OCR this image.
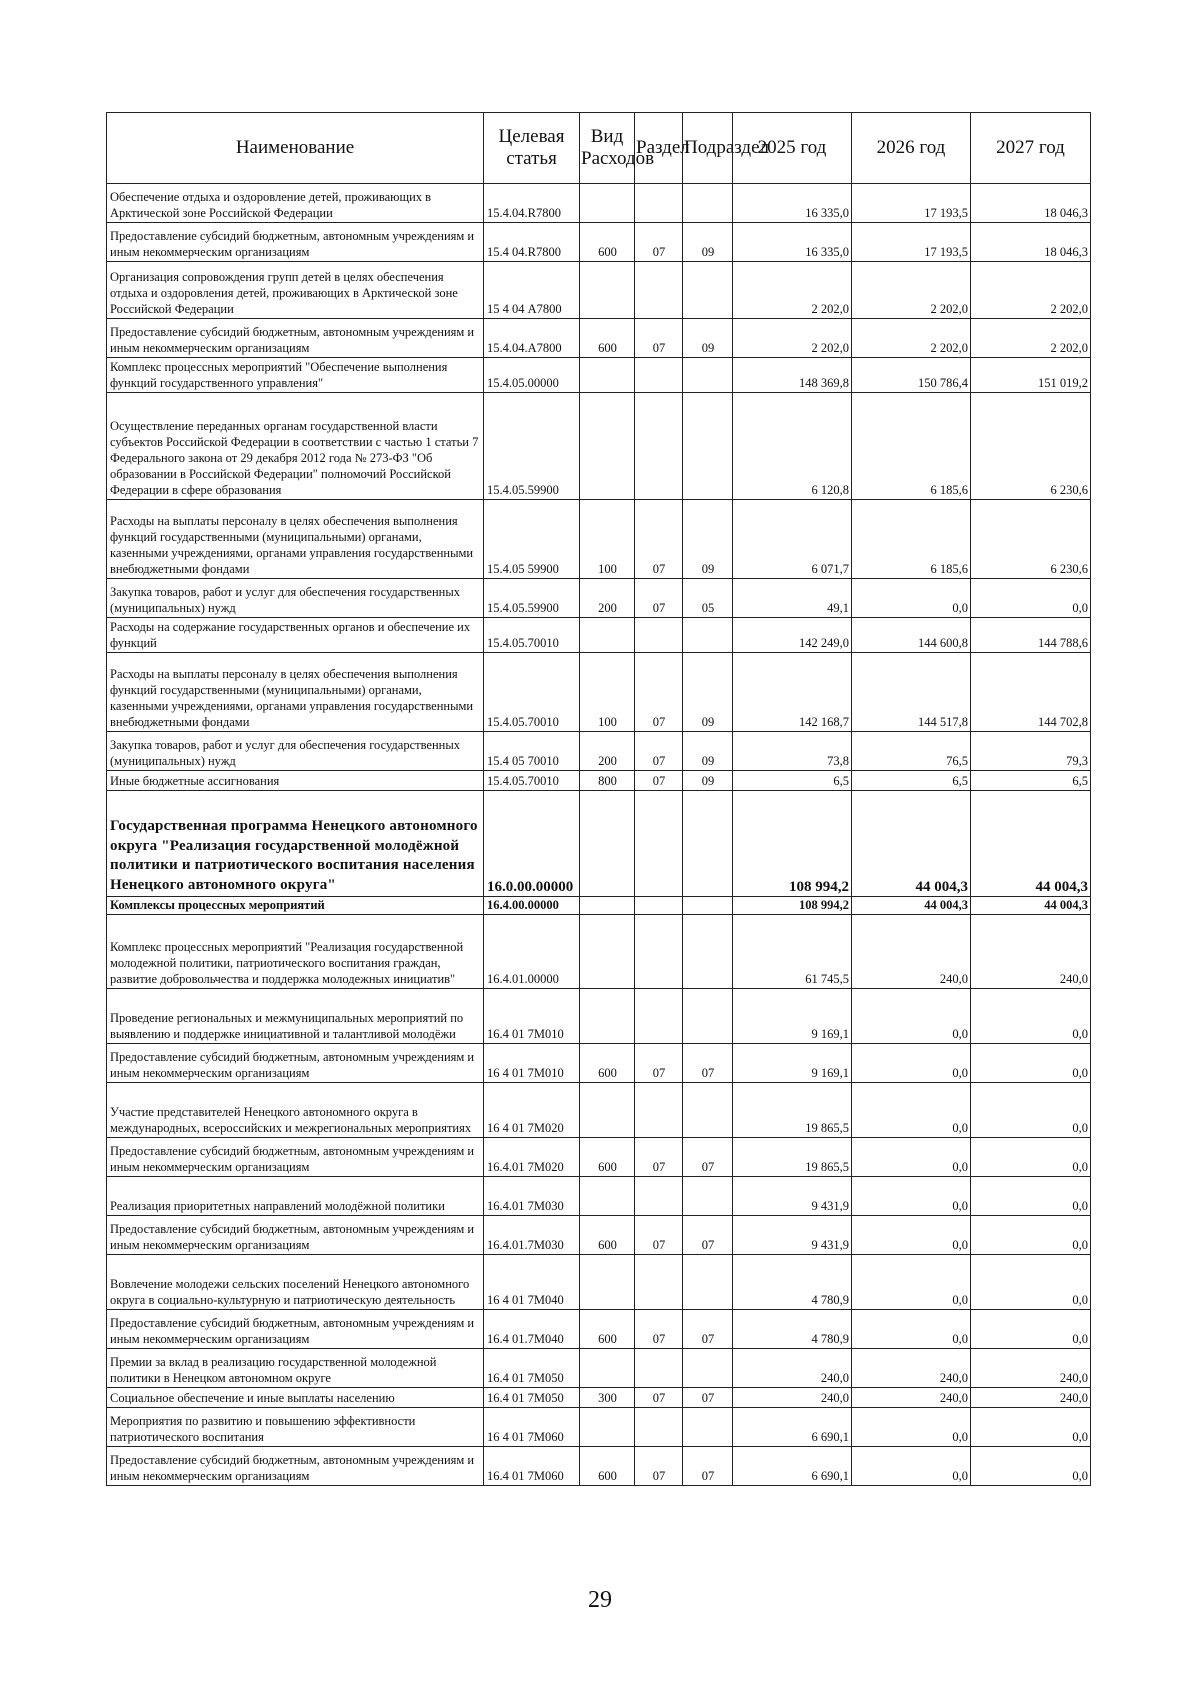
Наименование	Целевая статья	Вид Расходов	Раздел	Подраздел	2025 год	2026 год	2027 год
Обеспечение отдыха и оздоровление детей, проживающих в Арктической зоне Российской Федерации	15.4.04.R7800				16 335,0	17 193,5	18 046,3
Предоставление субсидий бюджетным, автономным учреждениям и иным некоммерческим организациям	15.4 04.R7800	600	07	09	16 335,0	17 193,5	18 046,3
Организация сопровождения групп детей в целях обеспечения отдыха и оздоровления детей, проживающих в Арктической зоне Российской Федерации	15 4 04 А7800				2 202,0	2 202,0	2 202,0
Предоставление субсидий бюджетным, автономным учреждениям и иным некоммерческим организациям	15.4.04.А7800	600	07	09	2 202,0	2 202,0	2 202,0
Комплекс процессных мероприятий "Обеспечение выполнения функций государственного управления"	15.4.05.00000				148 369,8	150 786,4	151 019,2
Осуществление переданных органам государственной власти субъектов Российской Федерации в соответствии с частью 1 статьи 7 Федерального закона от 29 декабря 2012 года № 273-ФЗ "Об образовании в Российской Федерации" полномочий Российской Федерации в сфере образования	15.4.05.59900				6 120,8	6 185,6	6 230,6
Расходы на выплаты персоналу в целях обеспечения выполнения функций государственными (муниципальными) органами, казенными учреждениями, органами управления государственными внебюджетными фондами	15.4.05 59900	100	07	09	6 071,7	6 185,6	6 230,6
Закупка товаров, работ и услуг для обеспечения государственных (муниципальных) нужд	15.4.05.59900	200	07	05	49,1	0,0	0,0
Расходы на содержание государственных органов и обеспечение их функций	15.4.05.70010				142 249,0	144 600,8	144 788,6
Расходы на выплаты персоналу в целях обеспечения выполнения функций государственными (муниципальными) органами, казенными учреждениями, органами управления государственными внебюджетными фондами	15.4.05.70010	100	07	09	142 168,7	144 517,8	144 702,8
Закупка товаров, работ и услуг для обеспечения государственных (муниципальных) нужд	15.4 05 70010	200	07	09	73,8	76,5	79,3
Иные бюджетные ассигнования	15.4.05.70010	800	07	09	6,5	6,5	6,5
Государственная программа Ненецкого автономного округа "Реализация государственной молодёжной политики и патриотического воспитания населения Ненецкого автономного округа"	16.0.00.00000				108 994,2	44 004,3	44 004,3
Комплексы процессных мероприятий	16.4.00.00000				108 994,2	44 004,3	44 004,3
Комплекс процессных мероприятий "Реализация государственной молодежной политики, патриотического воспитания граждан, развитие добровольчества и поддержка молодежных инициатив"	16.4.01.00000				61 745,5	240,0	240,0
Проведение региональных и межмуниципальных мероприятий по выявлению и поддержке инициативной и талантливой молодёжи	16.4 01 7М010				9 169,1	0,0	0,0
Предоставление субсидий бюджетным, автономным учреждениям и иным некоммерческим организациям	16 4 01 7М010	600	07	07	9 169,1	0,0	0,0
Участие представителей Ненецкого автономного округа в международных, всероссийских и межрегиональных мероприятиях	16 4 01 7М020				19 865,5	0,0	0,0
Предоставление субсидий бюджетным, автономным учреждениям и иным некоммерческим организациям	16.4.01 7М020	600	07	07	19 865,5	0,0	0,0
Реализация приоритетных направлений молодёжной политики	16.4.01 7М030				9 431,9	0,0	0,0
Предоставление субсидий бюджетным, автономным учреждениям и иным некоммерческим организациям	16.4.01.7М030	600	07	07	9 431,9	0,0	0,0
Вовлечение молодежи сельских поселений Ненецкого автономного округа в социально-культурную и патриотическую деятельность	16 4 01 7М040				4 780,9	0,0	0,0
Предоставление субсидий бюджетным, автономным учреждениям и иным некоммерческим организациям	16.4 01.7М040	600	07	07	4 780,9	0,0	0,0
Премии за вклад в реализацию государственной молодежной политики в Ненецком автономном округе	16.4 01 7М050				240,0	240,0	240,0
Социальное обеспечение и иные выплаты населению	16.4 01 7М050	300	07	07	240,0	240,0	240,0
Мероприятия по развитию и повышению эффективности патриотического воспитания	16 4 01 7М060				6 690,1	0,0	0,0
Предоставление субсидий бюджетным, автономным учреждениям и иным некоммерческим организациям	16.4 01 7М060	600	07	07	6 690,1	0,0	0,0
29
